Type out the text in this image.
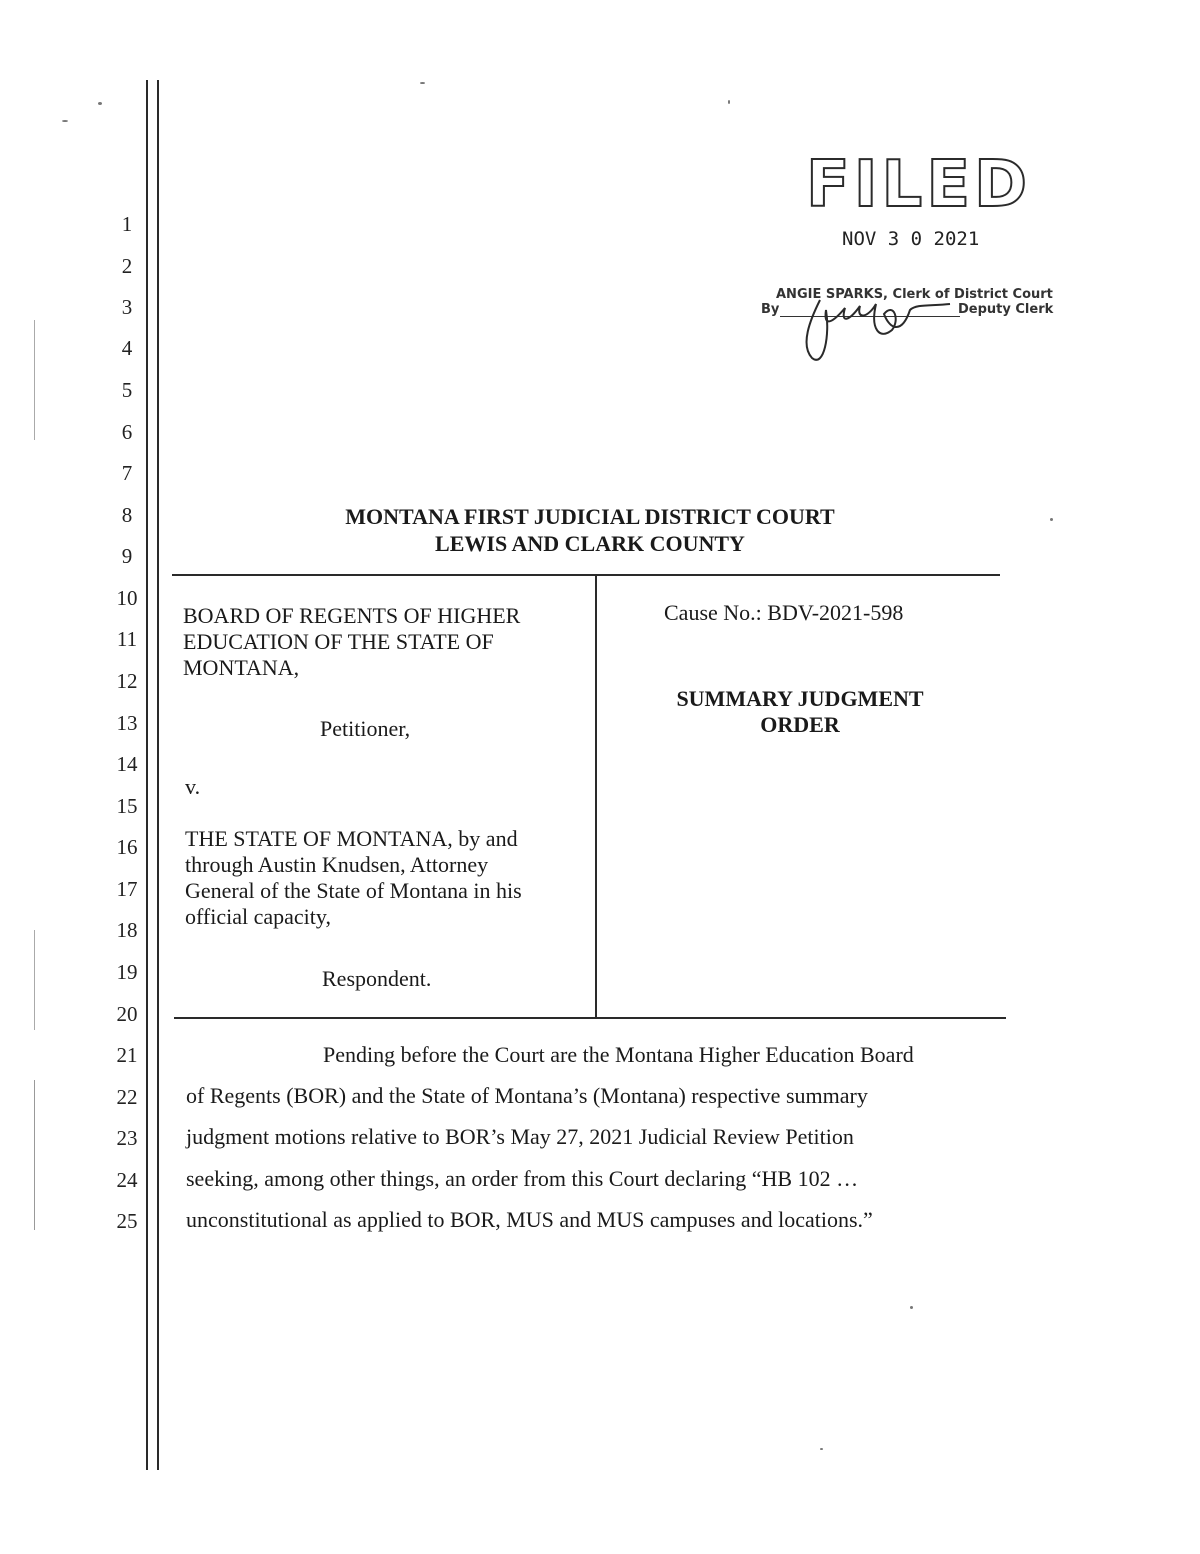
1
2
3
4
5
6
7
8
9
10
11
12
13
14
15
16
17
18
19
20
21
22
23
24
25
FILED
NOV 3 0 2021
ANGIE SPARKS, Clerk of District Court
By	Deputy Clerk
MONTANA FIRST JUDICIAL DISTRICT COURT
LEWIS AND CLARK COUNTY
BOARD OF REGENTS OF HIGHER
EDUCATION OF THE STATE OF
MONTANA,
Petitioner,
v.
THE STATE OF MONTANA, by and
through Austin Knudsen, Attorney
General of the State of Montana in his
official capacity,
Respondent.
Cause No.: BDV-2021-598
SUMMARY JUDGMENT
ORDER
Pending before the Court are the Montana Higher Education Board
of Regents (BOR) and the State of Montana’s (Montana) respective summary
judgment motions relative to BOR’s May 27, 2021 Judicial Review Petition
seeking, among other things, an order from this Court declaring “HB 102 …
unconstitutional as applied to BOR, MUS and MUS campuses and locations.”
